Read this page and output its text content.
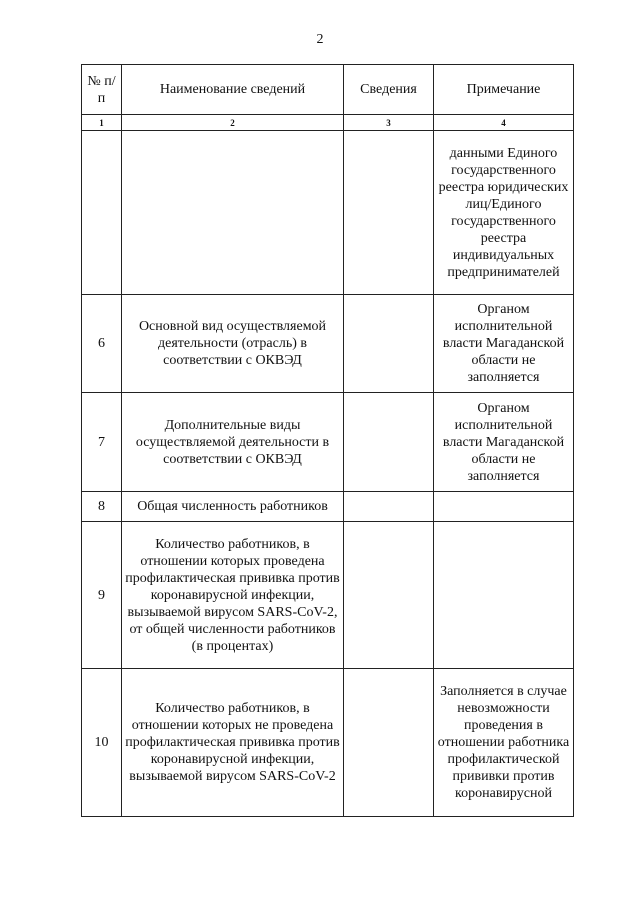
2
№ п/п	Наименование сведений	Сведения	Примечание
1	2	3	4
			данными Единого государственного реестра юридических лиц/Единого государственного реестра индивидуальных предпринимателей
6	Основной вид осуществляемой деятельности (отрасль) в соответствии с ОКВЭД		Органом исполнительной власти Магаданской области не заполняется
7	Дополнительные виды осуществляемой деятельности в соответствии с ОКВЭД		Органом исполнительной власти Магаданской области не заполняется
8	Общая численность работников		
9	Количество работников, в отношении которых проведена профилактическая прививка против коронавирусной инфекции, вызываемой вирусом SARS-CoV-2, от общей численности работников (в процентах)		
10	Количество работников, в отношении которых не проведена профилактическая прививка против коронавирусной инфекции, вызываемой вирусом SARS-CoV-2		Заполняется в случае невозможности проведения в отношении работника профилактической прививки против коронавирусной
